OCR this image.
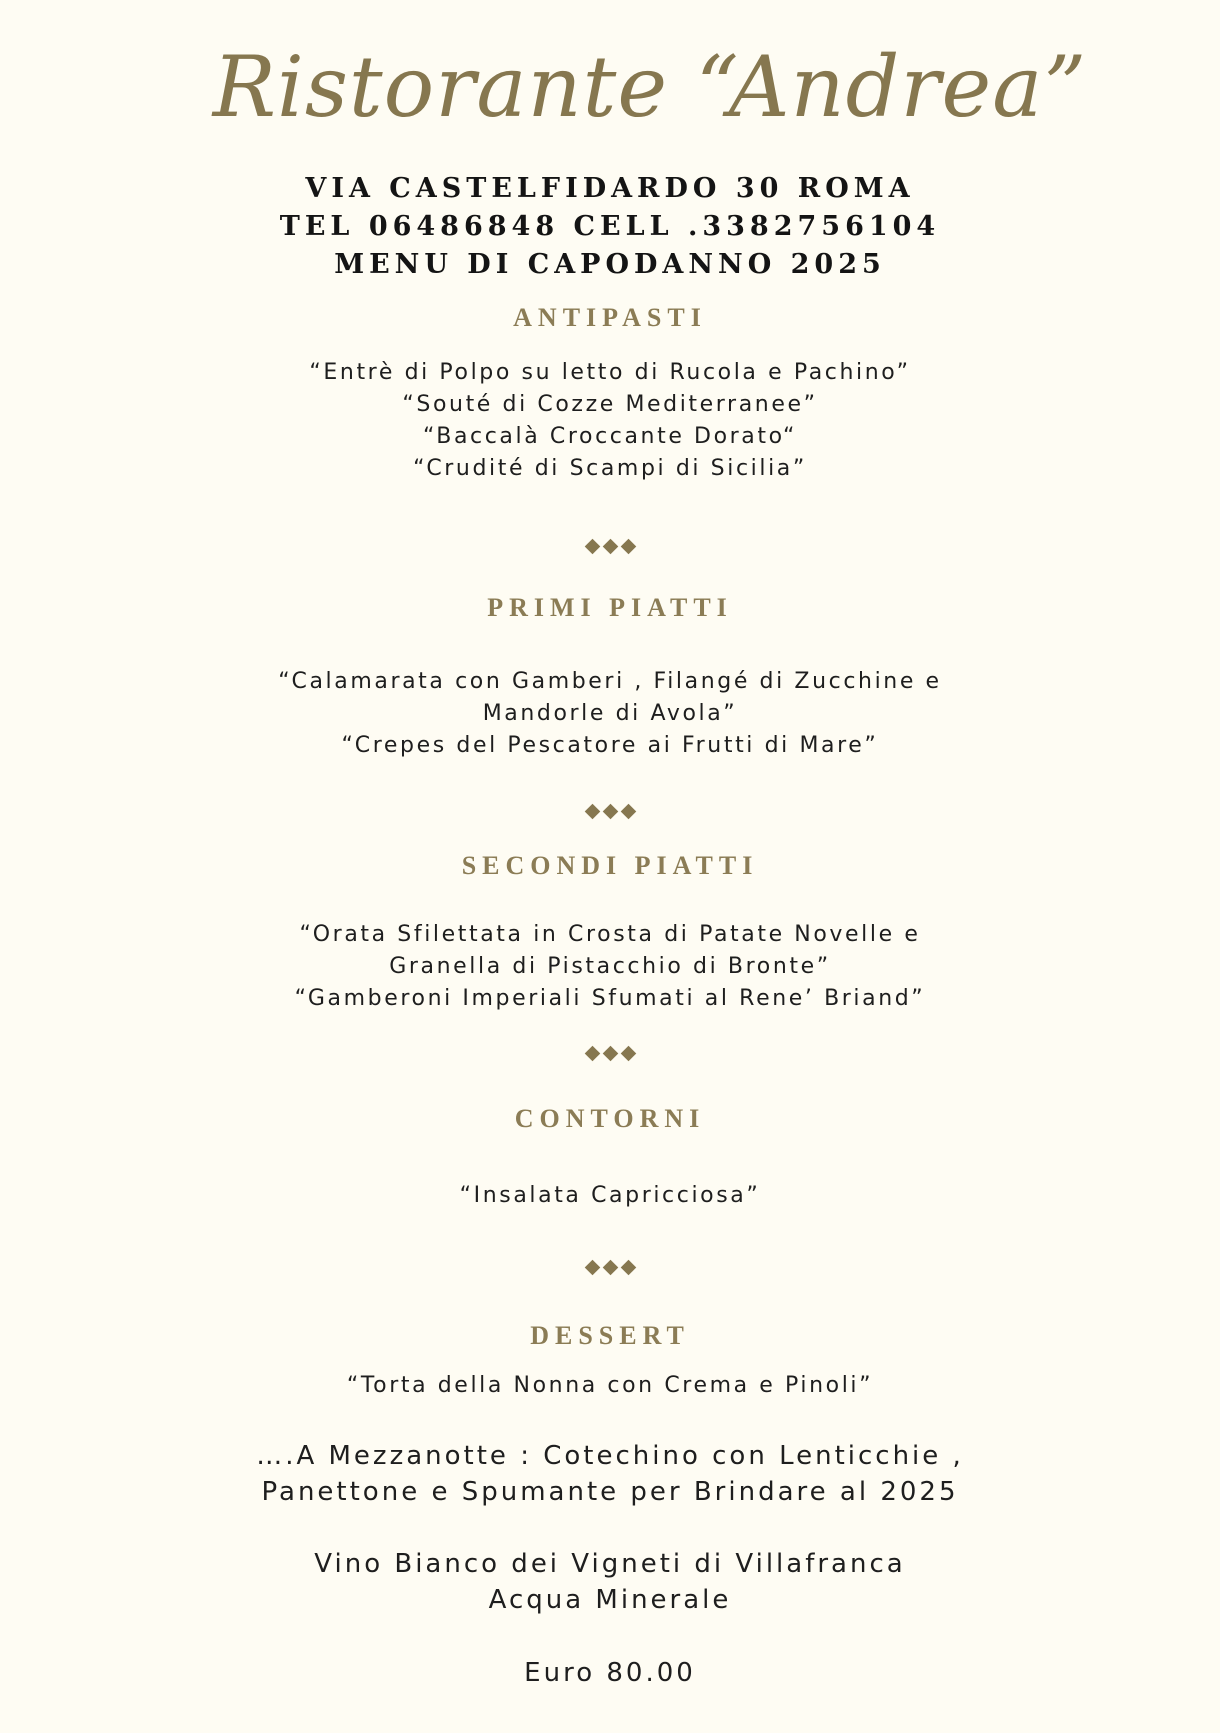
Ristorante “Andrea”
VIA CASTELFIDARDO 30 ROMA
TEL 06486848 CELL .3382756104
MENU DI CAPODANNO 2025
ANTIPASTI
“Entrè di Polpo su letto di Rucola e Pachino”
“Souté di Cozze Mediterranee”
“Baccalà Croccante Dorato“
“Crudité di Scampi di Sicilia”
PRIMI PIATTI
“Calamarata con Gamberi , Filangé di Zucchine e
Mandorle di Avola”
“Crepes del Pescatore ai Frutti di Mare”
SECONDI PIATTI
“Orata Sfilettata in Crosta di Patate Novelle e
Granella di Pistacchio di Bronte”
“Gamberoni Imperiali Sfumati al Rene’ Briand”
CONTORNI
“Insalata Capricciosa”
DESSERT
“Torta della Nonna con Crema e Pinoli”
….A Mezzanotte : Cotechino con Lenticchie ,
Panettone e Spumante per Brindare al 2025
Vino Bianco dei Vigneti di Villafranca
Acqua Minerale
Euro 80.00
